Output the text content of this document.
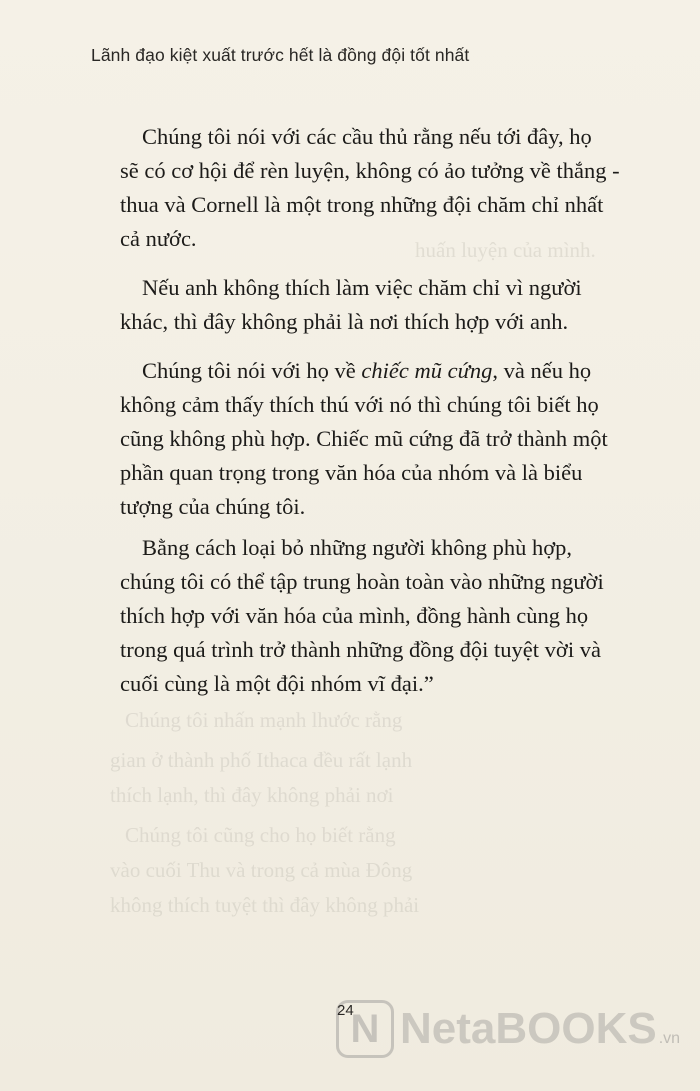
huấn luyện của mình.
Chúng tôi nhấn mạnh lhước rằng
gian ở thành phố Ithaca đều rất lạnh
thích lạnh, thì đây không phải nơi
Chúng tôi cũng cho họ biết rằng
vào cuối Thu và trong cả mùa Đông
không thích tuyệt thì đây không phải
Lãnh đạo kiệt xuất trước hết là đồng đội tốt nhất
Chúng tôi nói với các cầu thủ rằng nếu tới đây, họ
sẽ có cơ hội để rèn luyện, không có ảo tưởng về thắng -
thua và Cornell là một trong những đội chăm chỉ nhất
cả nước.
Nếu anh không thích làm việc chăm chỉ vì người
khác, thì đây không phải là nơi thích hợp với anh.
Chúng tôi nói với họ về chiếc mũ cứng, và nếu họ
không cảm thấy thích thú với nó thì chúng tôi biết họ
cũng không phù hợp. Chiếc mũ cứng đã trở thành một
phần quan trọng trong văn hóa của nhóm và là biểu
tượng của chúng tôi.
Bằng cách loại bỏ những người không phù hợp,
chúng tôi có thể tập trung hoàn toàn vào những người
thích hợp với văn hóa của mình, đồng hành cùng họ
trong quá trình trở thành những đồng đội tuyệt vời và
cuối cùng là một đội nhóm vĩ đại.”
N NetaBOOKS .vn
24
